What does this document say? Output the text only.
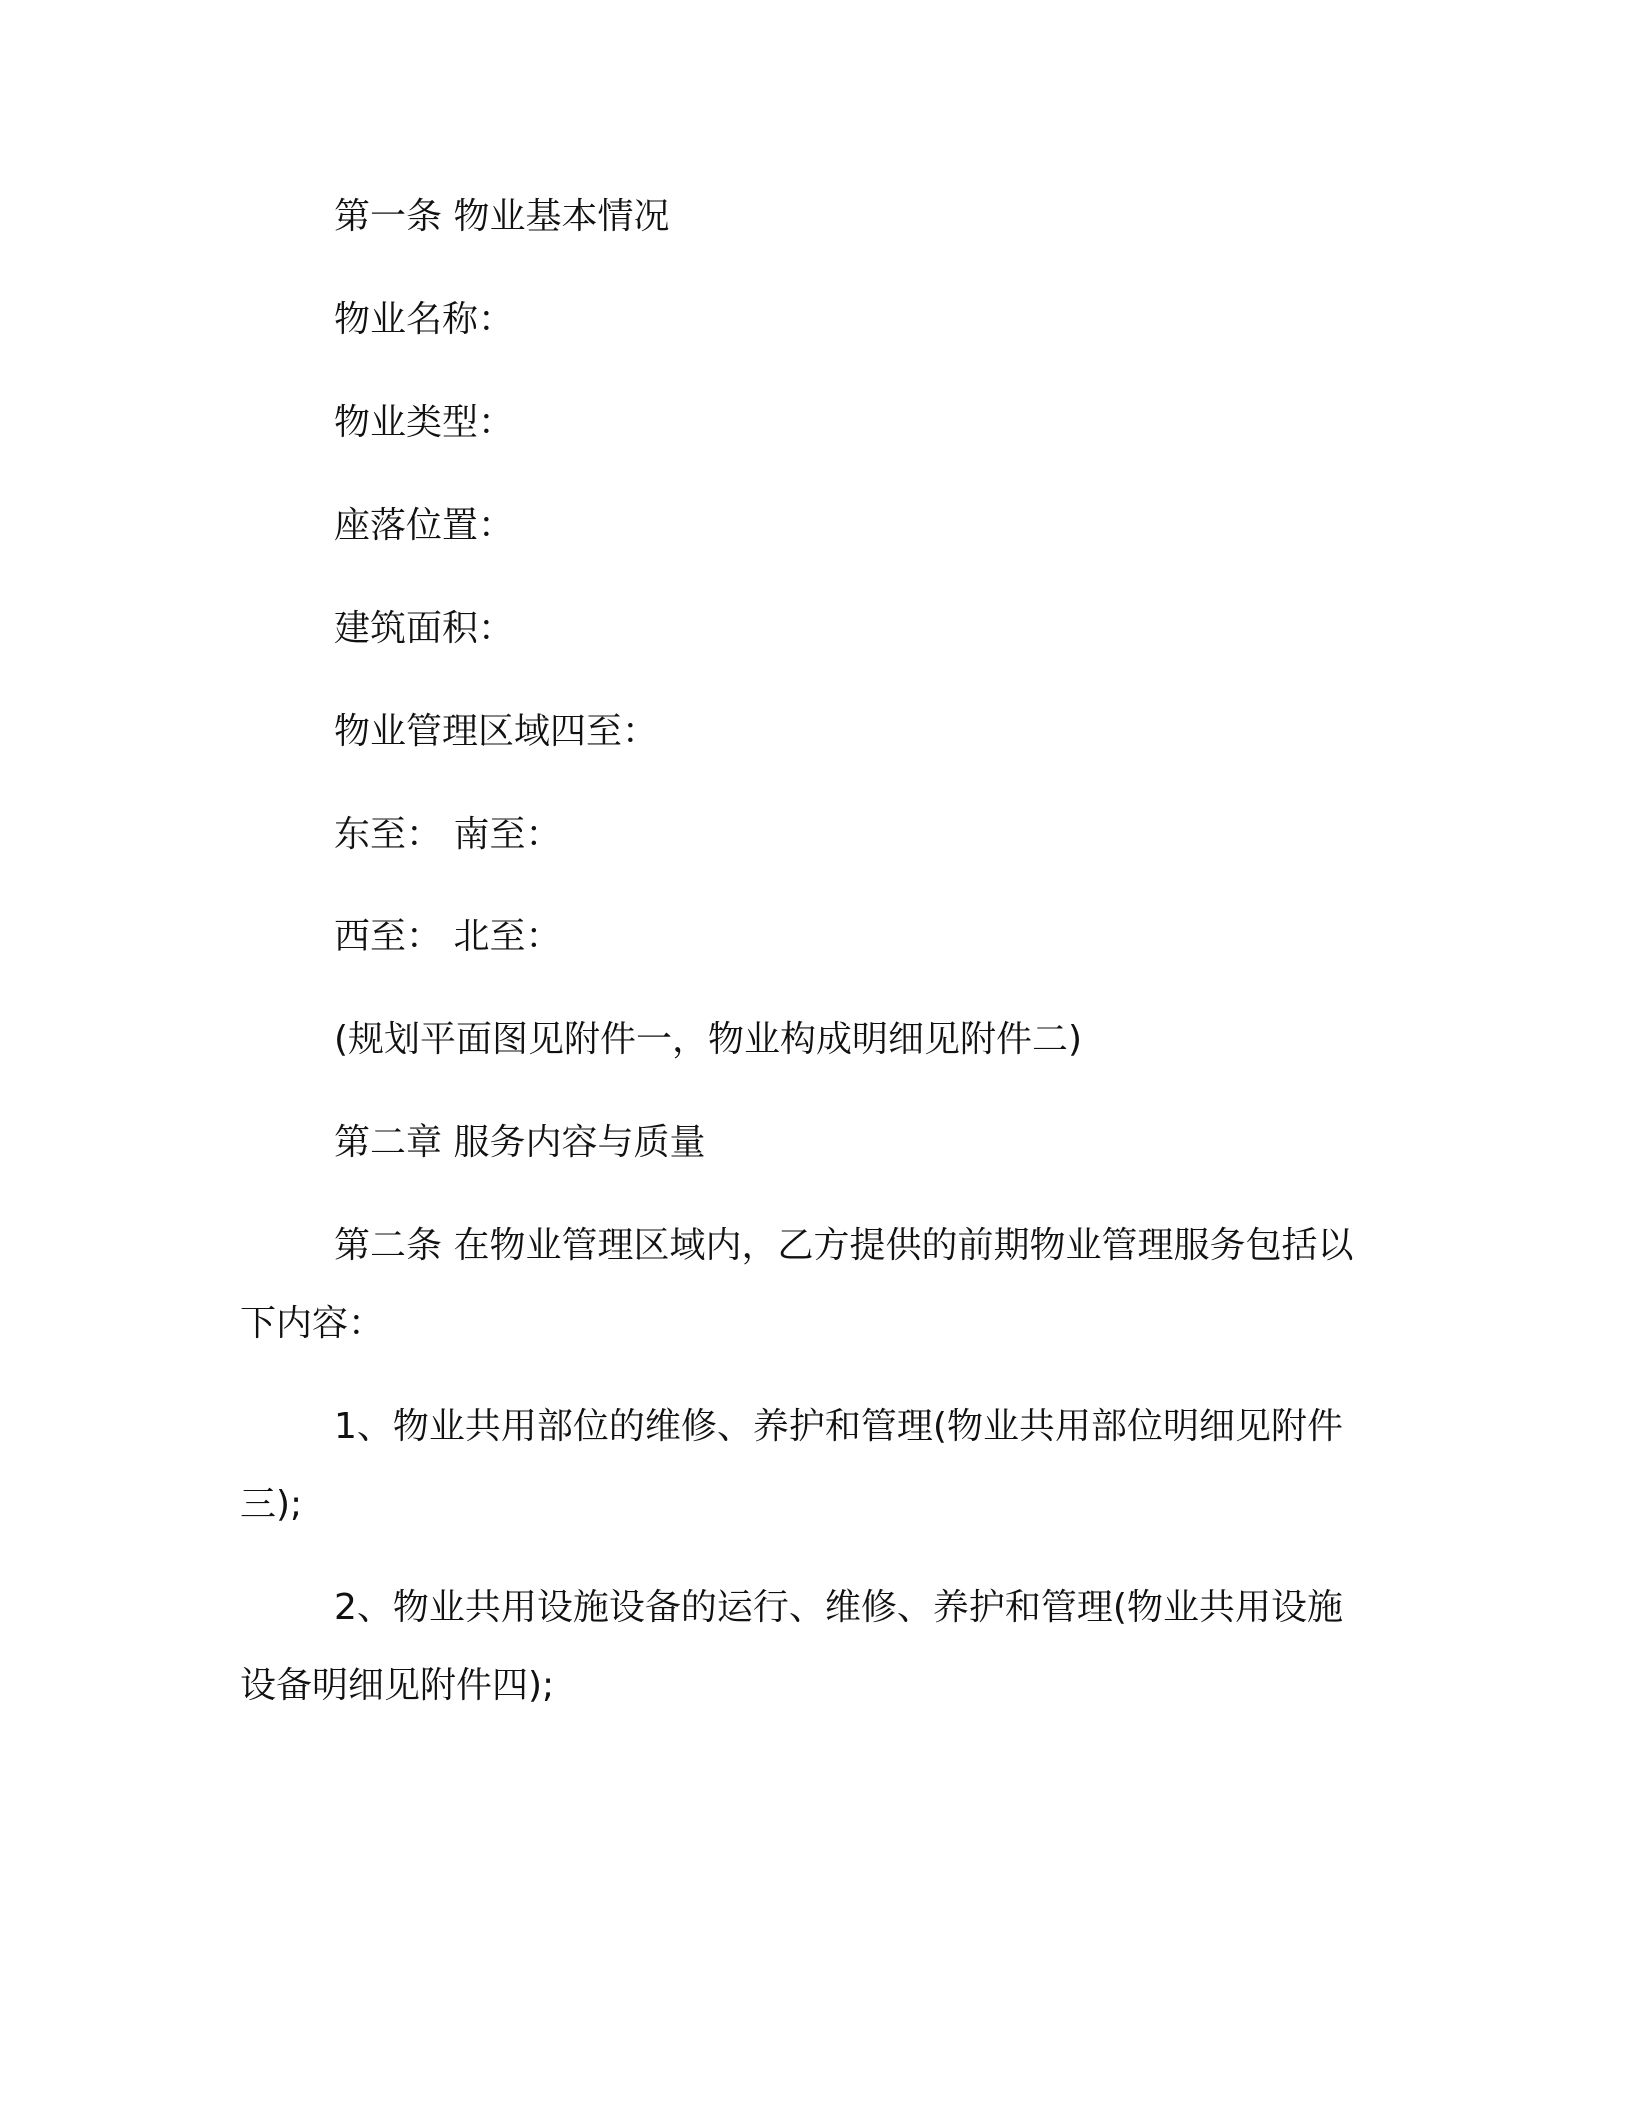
第一条 物业基本情况
物业名称：
物业类型：
座落位置：
建筑面积：
物业管理区域四至：
东至： 南至：
西至： 北至：
(规划平面图见附件一，物业构成明细见附件二)
第二章 服务内容与质量
第二条 在物业管理区域内，乙方提供的前期物业管理服务包括以
下内容：
1、物业共用部位的维修、养护和管理(物业共用部位明细见附件
三);
2、物业共用设施设备的运行、维修、养护和管理(物业共用设施
设备明细见附件四);
